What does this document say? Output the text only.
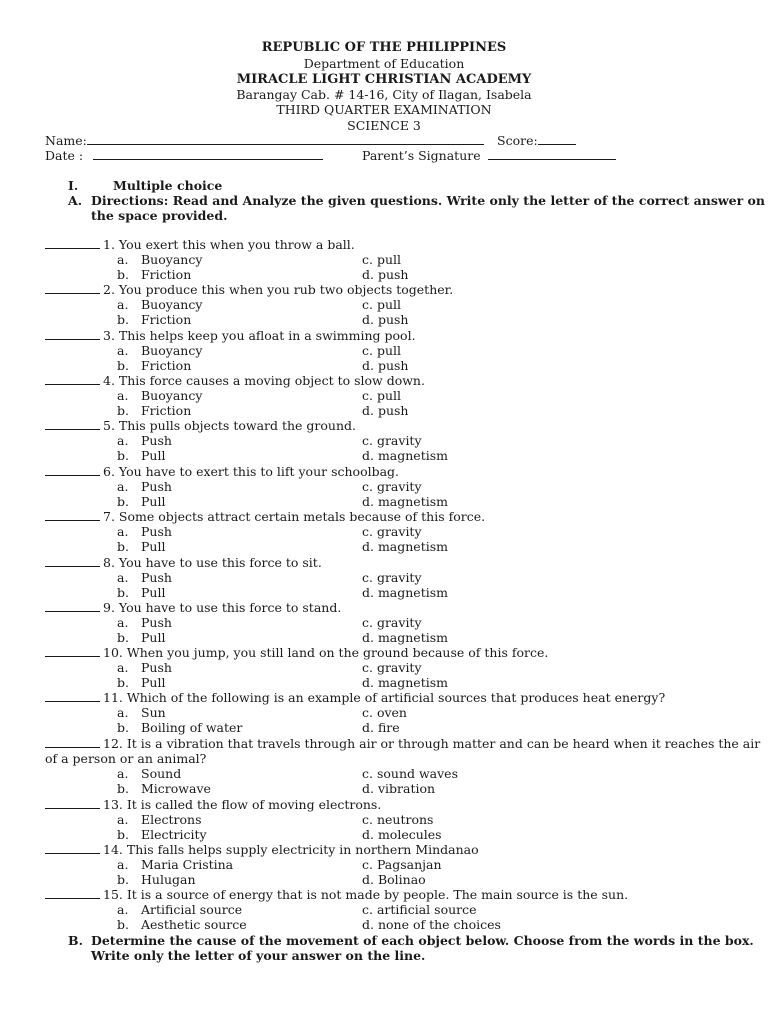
REPUBLIC OF THE PHILIPPINES
Department of Education
MIRACLE LIGHT CHRISTIAN ACADEMY
Barangay Cab. # 14-16, City of Ilagan, Isabela
THIRD QUARTER EXAMINATION
SCIENCE 3
Name:	Score:
Date :	Parent’s Signature
I.	Multiple choice
A. Directions: Read and Analyze the given questions. Write only the letter of the correct answer on
the space provided.
1. You exert this when you throw a ball.
a. Buoyancy	c. pull
b. Friction	d. push
2. You produce this when you rub two objects together.
a. Buoyancy	c. pull
b. Friction	d. push
3. This helps keep you afloat in a swimming pool.
a. Buoyancy	c. pull
b. Friction	d. push
4. This force causes a moving object to slow down.
a. Buoyancy	c. pull
b. Friction	d. push
5. This pulls objects toward the ground.
a. Push	c. gravity
b. Pull	d. magnetism
6. You have to exert this to lift your schoolbag.
a. Push	c. gravity
b. Pull	d. magnetism
7. Some objects attract certain metals because of this force.
a. Push	c. gravity
b. Pull	d. magnetism
8. You have to use this force to sit.
a. Push	c. gravity
b. Pull	d. magnetism
9. You have to use this force to stand.
a. Push	c. gravity
b. Pull	d. magnetism
10. When you jump, you still land on the ground because of this force.
a. Push	c. gravity
b. Pull	d. magnetism
11. Which of the following is an example of artificial sources that produces heat energy?
a. Sun	c. oven
b. Boiling of water	d. fire
12. It is a vibration that travels through air or through matter and can be heard when it reaches the air
of a person or an animal?
a. Sound	c. sound waves
b. Microwave	d. vibration
13. It is called the flow of moving electrons.
a. Electrons	c. neutrons
b. Electricity	d. molecules
14. This falls helps supply electricity in northern Mindanao
a. Maria Cristina	c. Pagsanjan
b. Hulugan	d. Bolinao
15. It is a source of energy that is not made by people. The main source is the sun.
a. Artificial source	c. artificial source
b. Aesthetic source	d. none of the choices
B. Determine the cause of the movement of each object below. Choose from the words in the box.
Write only the letter of your answer on the line.
